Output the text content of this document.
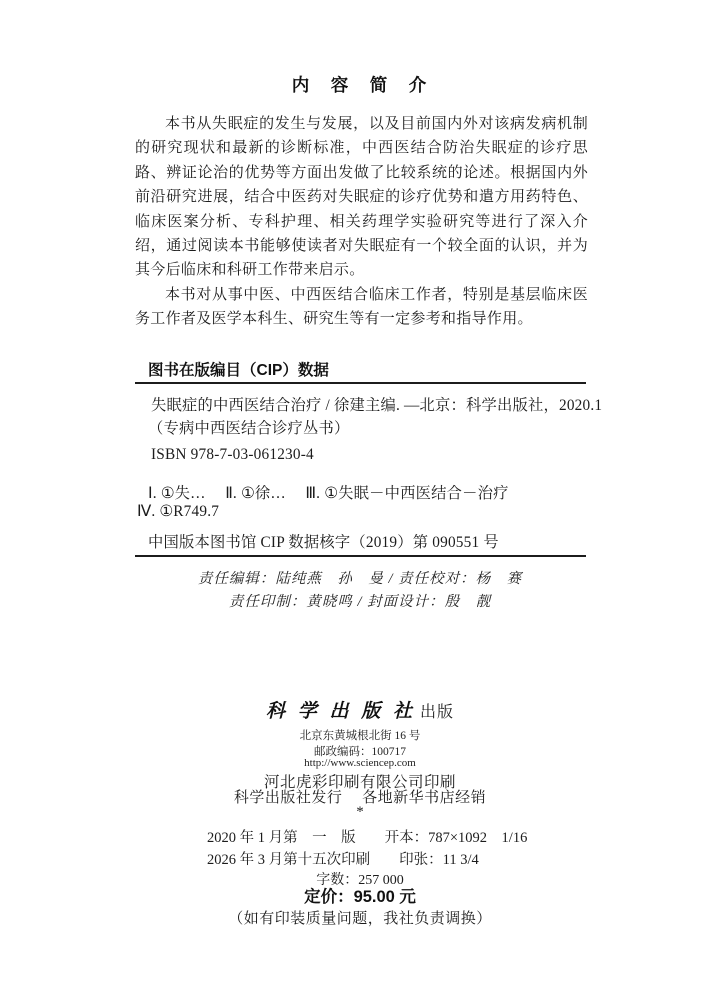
内　容　简　介

本书从失眠症的发生与发展，以及目前国内外对该病发病机制的研究现状和最新的诊断标准，中西医结合防治失眠症的诊疗思路、辨证论治的优势等方面出发做了比较系统的论述。根据国内外前沿研究进展，结合中医药对失眠症的诊疗优势和遣方用药特色、临床医案分析、专科护理、相关药理学实验研究等进行了深入介绍，通过阅读本书能够使读者对失眠症有一个较全面的认识，并为其今后临床和科研工作带来启示。

本书对从事中医、中西医结合临床工作者，特别是基层临床医务工作者及医学本科生、研究生等有一定参考和指导作用。

图书在版编目（CIP）数据
失眠症的中西医结合治疗 / 徐建主编. —北京：科学出版社，2020.1
（专病中西医结合诊疗丛书）
ISBN 978-7-03-061230-4
Ⅰ. ①失…　 Ⅱ. ①徐…　 Ⅲ. ①失眠－中西医结合－治疗
Ⅳ. ①R749.7
中国版本图书馆 CIP 数据核字（2019）第 090551 号
责任编辑：陆纯燕　孙　曼 / 责任校对：杨　赛
责任印制：黄晓鸣 / 封面设计：殷　靓
科 学 出 版 社 出版
北京东黄城根北街 16 号
邮政编码：100717
http://www.sciencep.com
河北虎彩印刷有限公司印刷
科学出版社发行　 各地新华书店经销
*
2020 年 1 月第　一　版　　开本：787×1092　1/16
2026 年 3 月第十五次印刷　　印张：11 3/4
字数：257 000
定价：95.00 元
（如有印装质量问题，我社负责调换）
